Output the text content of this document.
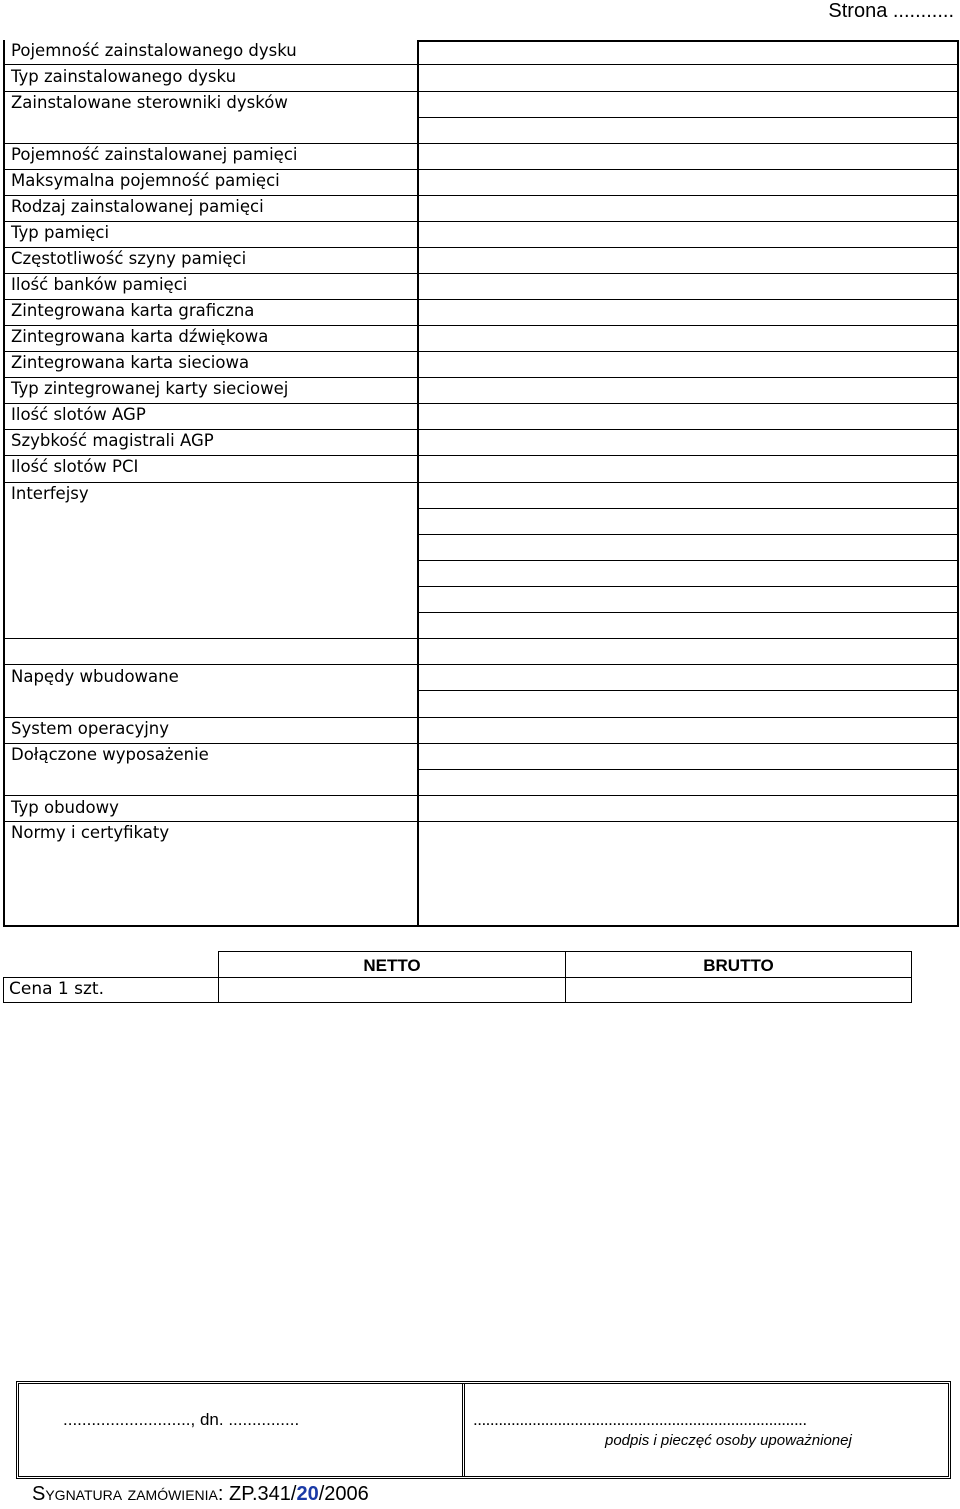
Strona ...........
Pojemność zainstalowanego dysku
Typ zainstalowanego dysku
Zainstalowane sterowniki dysków
Pojemność zainstalowanej pamięci
Maksymalna pojemność pamięci
Rodzaj zainstalowanej pamięci
Typ pamięci
Częstotliwość szyny pamięci
Ilość banków pamięci
Zintegrowana karta graficzna
Zintegrowana karta dźwiękowa
Zintegrowana karta sieciowa
Typ zintegrowanej karty sieciowej
Ilość slotów AGP
Szybkość magistrali AGP
Ilość slotów PCI
Interfejsy
Napędy wbudowane
System operacyjny
Dołączone wyposażenie
Typ obudowy
Normy i certyfikaty
NETTO	BRUTTO
Cena 1 szt.
..........................., dn. ...............	...............................................................................
podpis i pieczęć osoby upoważnionej
Sygnatura zamówienia: ZP.341/20/2006
